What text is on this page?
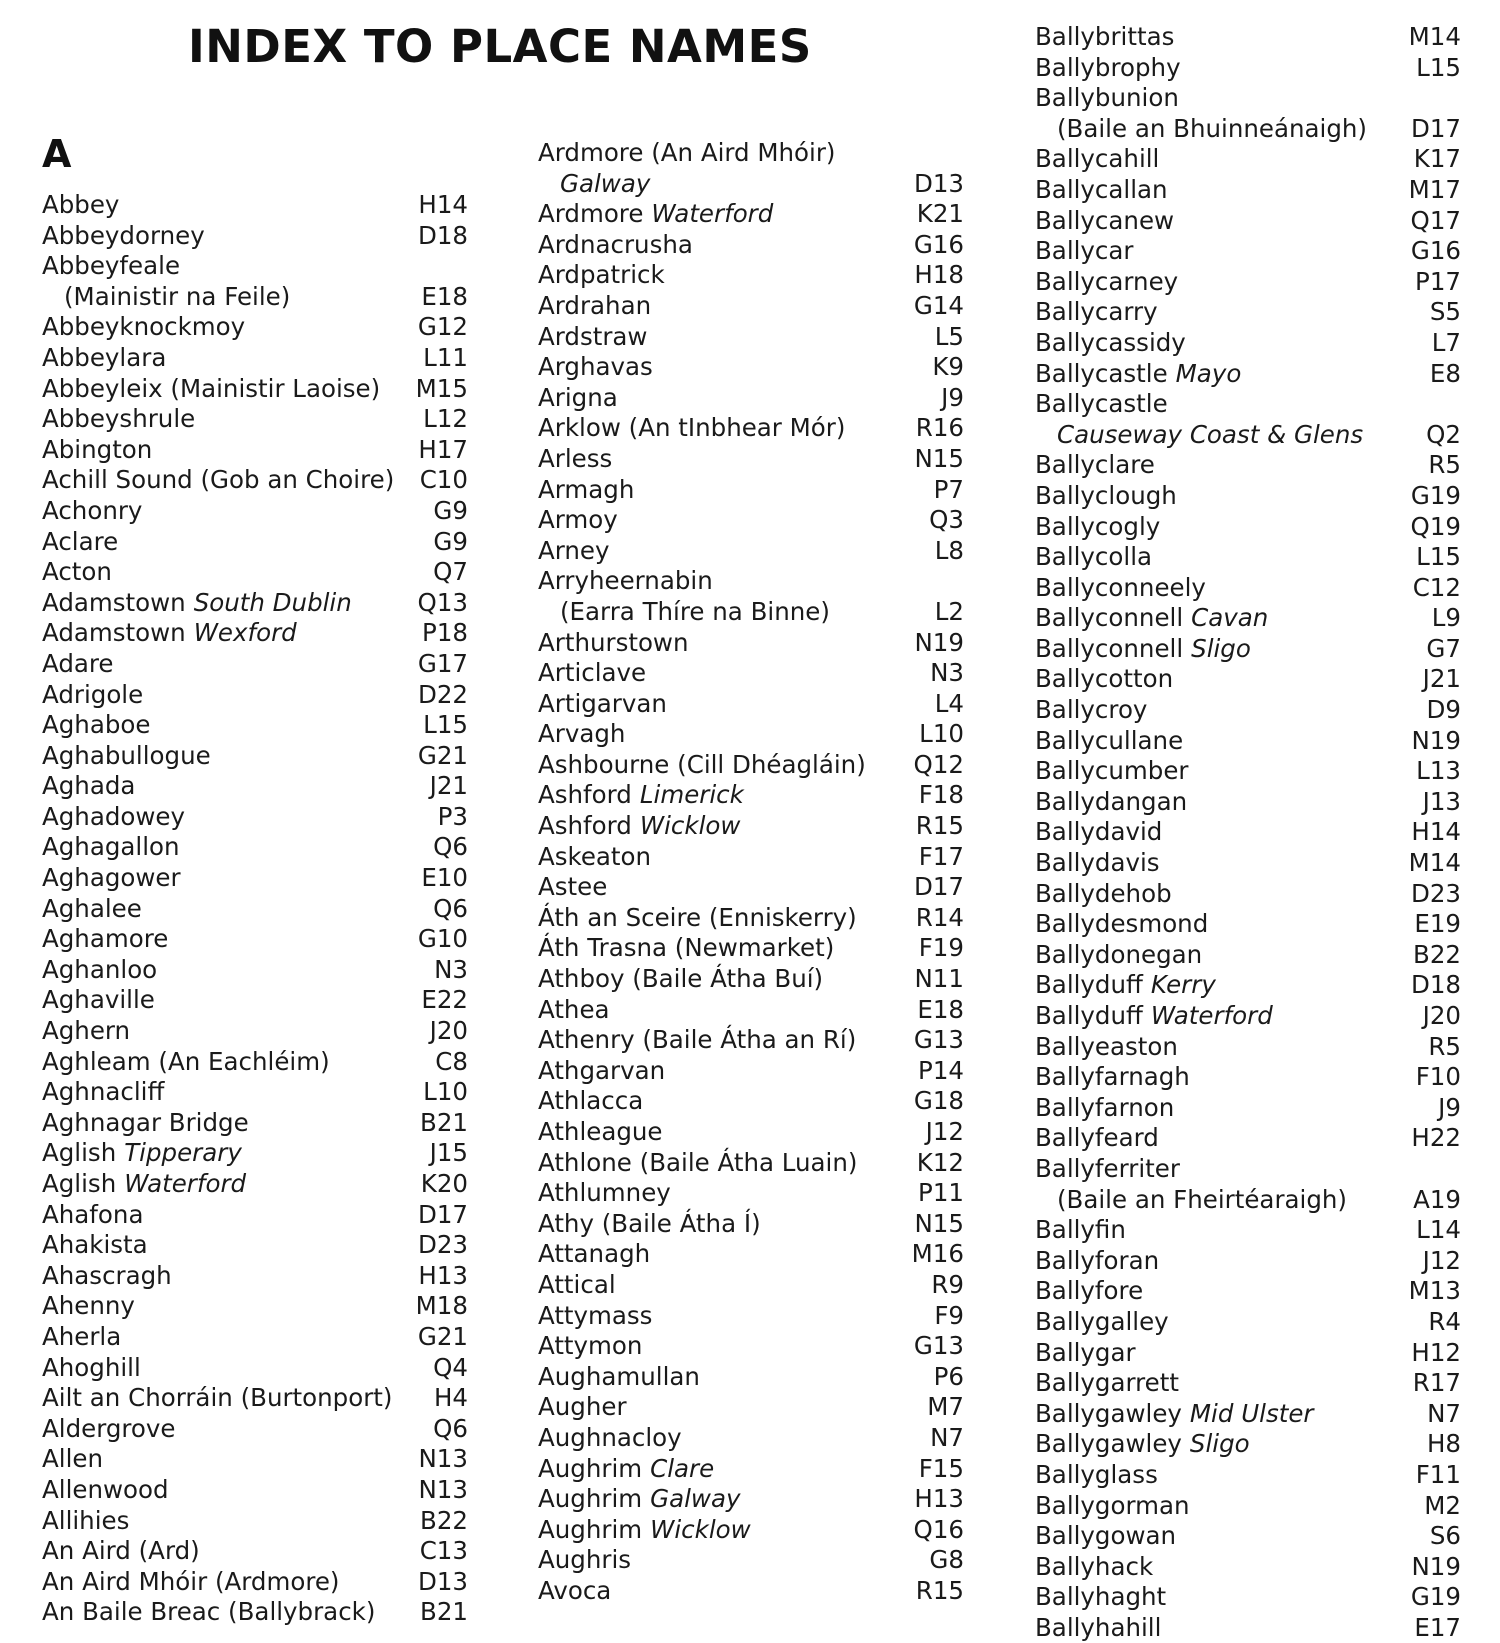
INDEX TO PLACE NAMES
A
Abbey	H14
Abbeydorney	D18
Abbeyfeale
(Mainistir na Feile)	E18
Abbeyknockmoy	G12
Abbeylara	L11
Abbeyleix (Mainistir Laoise) M15
Abbeyshrule	L12
Abington	H17
Achill Sound (Gob an Choire) C10
Achonry	G9
Aclare	G9
Acton	Q7
Adamstown South Dublin	Q13
Adamstown Wexford	P18
Adare	G17
Adrigole	D22
Aghaboe	L15
Aghabullogue	G21
Aghada	J21
Aghadowey	P3
Aghagallon	Q6
Aghagower	E10
Aghalee	Q6
Aghamore	G10
Aghanloo	N3
Aghaville	E22
Aghern	J20
Aghleam (An Eachléim)	C8
Aghnacliff	L10
Aghnagar Bridge	B21
Aglish Tipperary	J15
Aglish Waterford	K20
Ahafona	D17
Ahakista	D23
Ahascragh	H13
Ahenny	M18
Aherla	G21
Ahoghill	Q4
Ailt an Chorráin (Burtonport) H4
Aldergrove	Q6
Allen	N13
Allenwood	N13
Allihies	B22
An Aird (Ard)	C13
An Aird Mhóir (Ardmore)	D13
An Baile Breac (Ballybrack) B21
Ardmore (An Aird Mhóir)
Galway	D13
Ardmore Waterford	K21
Ardnacrusha	G16
Ardpatrick	H18
Ardrahan	G14
Ardstraw	L5
Arghavas	K9
Arigna	J9
Arklow (An tInbhear Mór)	R16
Arless	N15
Armagh	P7
Armoy	Q3
Arney	L8
Arryheernabin
(Earra Thíre na Binne)	L2
Arthurstown	N19
Articlave	N3
Artigarvan	L4
Arvagh	L10
Ashbourne (Cill Dhéagláin) Q12
Ashford Limerick	F18
Ashford Wicklow	R15
Askeaton	F17
Astee	D17
Áth an Sceire (Enniskerry) R14
Áth Trasna (Newmarket)	F19
Athboy (Baile Átha Buí)	N11
Athea	E18
Athenry (Baile Átha an Rí) G13
Athgarvan	P14
Athlacca	G18
Athleague	J12
Athlone (Baile Átha Luain) K12
Athlumney	P11
Athy (Baile Átha Í)	N15
Attanagh	M16
Attical	R9
Attymass	F9
Attymon	G13
Aughamullan	P6
Augher	M7
Aughnacloy	N7
Aughrim Clare	F15
Aughrim Galway	H13
Aughrim Wicklow	Q16
Aughris	G8
Avoca	R15
Ballybrittas	M14
Ballybrophy	L15
Ballybunion
(Baile an Bhuinneánaigh) D17
Ballycahill	K17
Ballycallan	M17
Ballycanew	Q17
Ballycar	G16
Ballycarney	P17
Ballycarry	S5
Ballycassidy	L7
Ballycastle Mayo	E8
Ballycastle
Causeway Coast & Glens	Q2
Ballyclare	R5
Ballyclough	G19
Ballycogly	Q19
Ballycolla	L15
Ballyconneely	C12
Ballyconnell Cavan	L9
Ballyconnell Sligo	G7
Ballycotton	J21
Ballycroy	D9
Ballycullane	N19
Ballycumber	L13
Ballydangan	J13
Ballydavid	H14
Ballydavis	M14
Ballydehob	D23
Ballydesmond	E19
Ballydonegan	B22
Ballyduff Kerry	D18
Ballyduff Waterford	J20
Ballyeaston	R5
Ballyfarnagh	F10
Ballyfarnon	J9
Ballyfeard	H22
Ballyferriter
(Baile an Fheirtéaraigh)	A19
Ballyfin	L14
Ballyforan	J12
Ballyfore	M13
Ballygalley	R4
Ballygar	H12
Ballygarrett	R17
Ballygawley Mid Ulster	N7
Ballygawley Sligo	H8
Ballyglass	F11
Ballygorman	M2
Ballygowan	S6
Ballyhack	N19
Ballyhaght	G19
Ballyhahill	E17
